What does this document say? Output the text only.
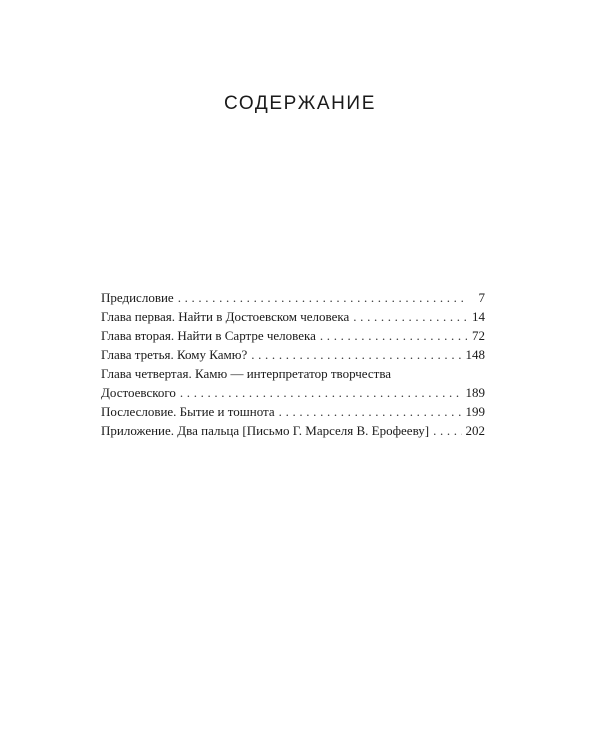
СОДЕРЖАНИЕ
Предисловие . . .	7
Глава первая. Найти в Достоевском человека . . .	14
Глава вторая. Найти в Сартре человека . . .	72
Глава третья. Кому Камю? . . .	148
Глава четвертая. Камю — интерпретатор творчества
Достоевского . . .	189
Послесловие. Бытие и тошнота . . .	199
Приложение. Два пальца [Письмо Г. Марселя В. Ерофееву] . . .	202
